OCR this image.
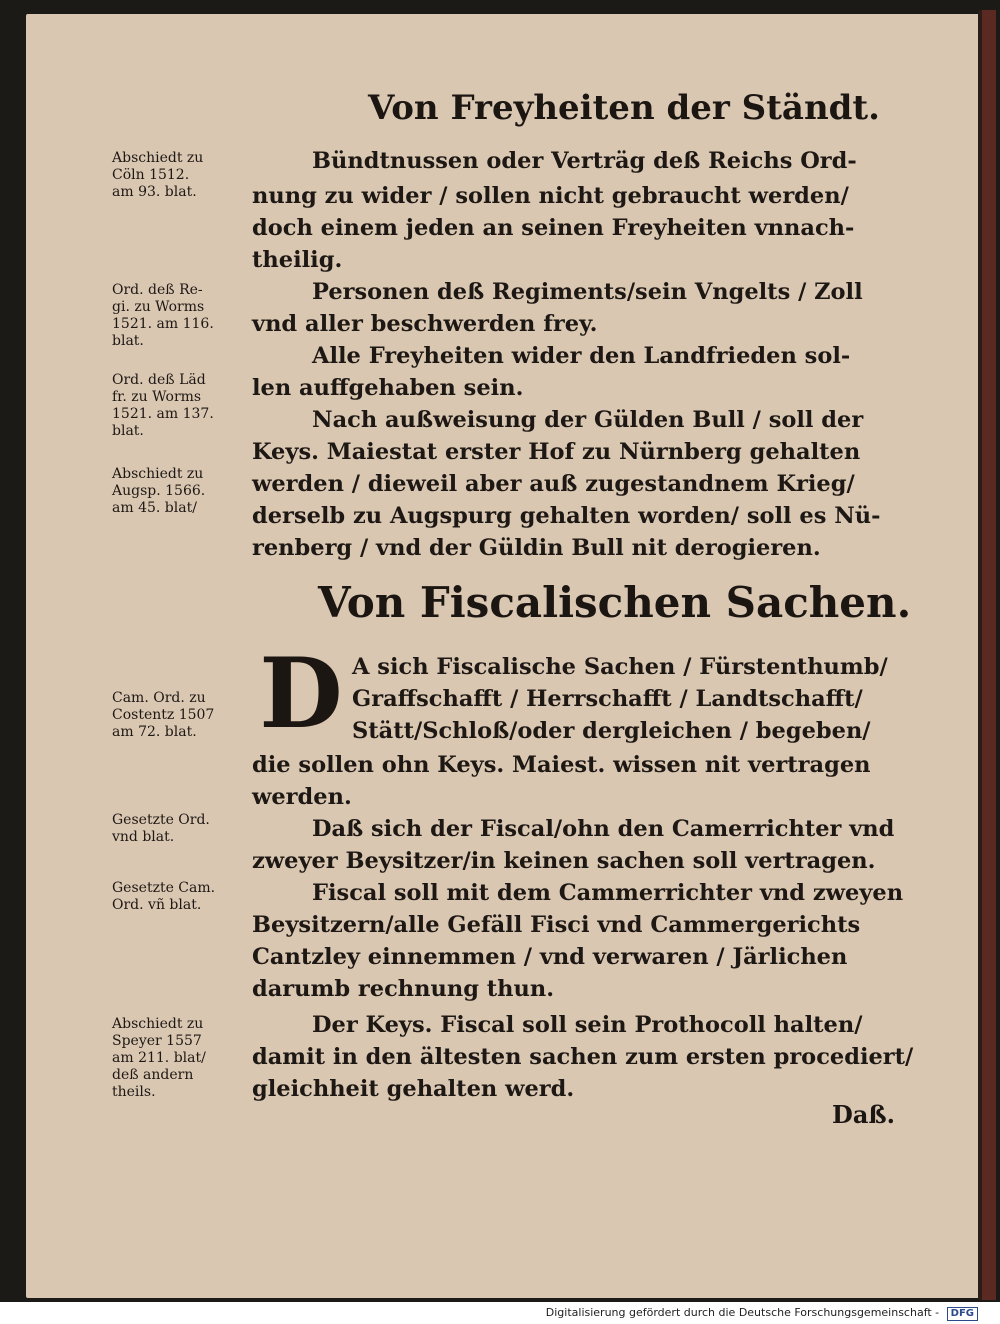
Von Freyheiten der Ständt.
Bündtnussen oder Verträg deß Reichs Ord-
nung zu wider / sollen nicht gebraucht werden/
doch einem jeden an seinen Freyheiten vnnach-
theilig.
Personen deß Regiments/sein Vngelts / Zoll
vnd aller beschwerden frey.
Alle Freyheiten wider den Landfrieden sol-
len auffgehaben sein.
Nach außweisung der Gülden Bull / soll der
Keys. Maiestat erster Hof zu Nürnberg gehalten
werden / dieweil aber auß zugestandnem Krieg/
derselb zu Augspurg gehalten worden/ soll es Nü-
renberg / vnd der Güldin Bull nit derogieren.
Von Fiscalischen Sachen.
D A sich Fiscalische Sachen / Fürstenthumb/
Graffschafft / Herrschafft / Landtschafft/
Stätt/Schloß/oder dergleichen / begeben/
die sollen ohn Keys. Maiest. wissen nit vertragen
werden.
Daß sich der Fiscal/ohn den Camerrichter vnd
zweyer Beysitzer/in keinen sachen soll vertragen.
Fiscal soll mit dem Cammerrichter vnd zweyen
Beysitzern/alle Gefäll Fisci vnd Cammergerichts
Cantzley einnemmen / vnd verwaren / Järlichen
darumb rechnung thun.
Der Keys. Fiscal soll sein Prothocoll halten/
damit in den ältesten sachen zum ersten procediert/
gleichheit gehalten werd.
Abschiedt zu
Cöln 1512.
am 93. blat.
Ord. deß Re-
gi. zu Worms
1521. am 116.
blat.
Ord. deß Läd
fr. zu Worms
1521. am 137.
blat.
Abschiedt zu
Augsp. 1566.
am 45. blat/
Cam. Ord. zu
Costentz 1507
am 72. blat.
Gesetzte Ord.
vnd blat.
Gesetzte Cam.
Ord. vñ blat.
Abschiedt zu
Speyer 1557
am 211. blat/
deß andern
theils.
Daß.
Digitalisierung gefördert durch die Deutsche Forschungsgemeinschaft - DFG
